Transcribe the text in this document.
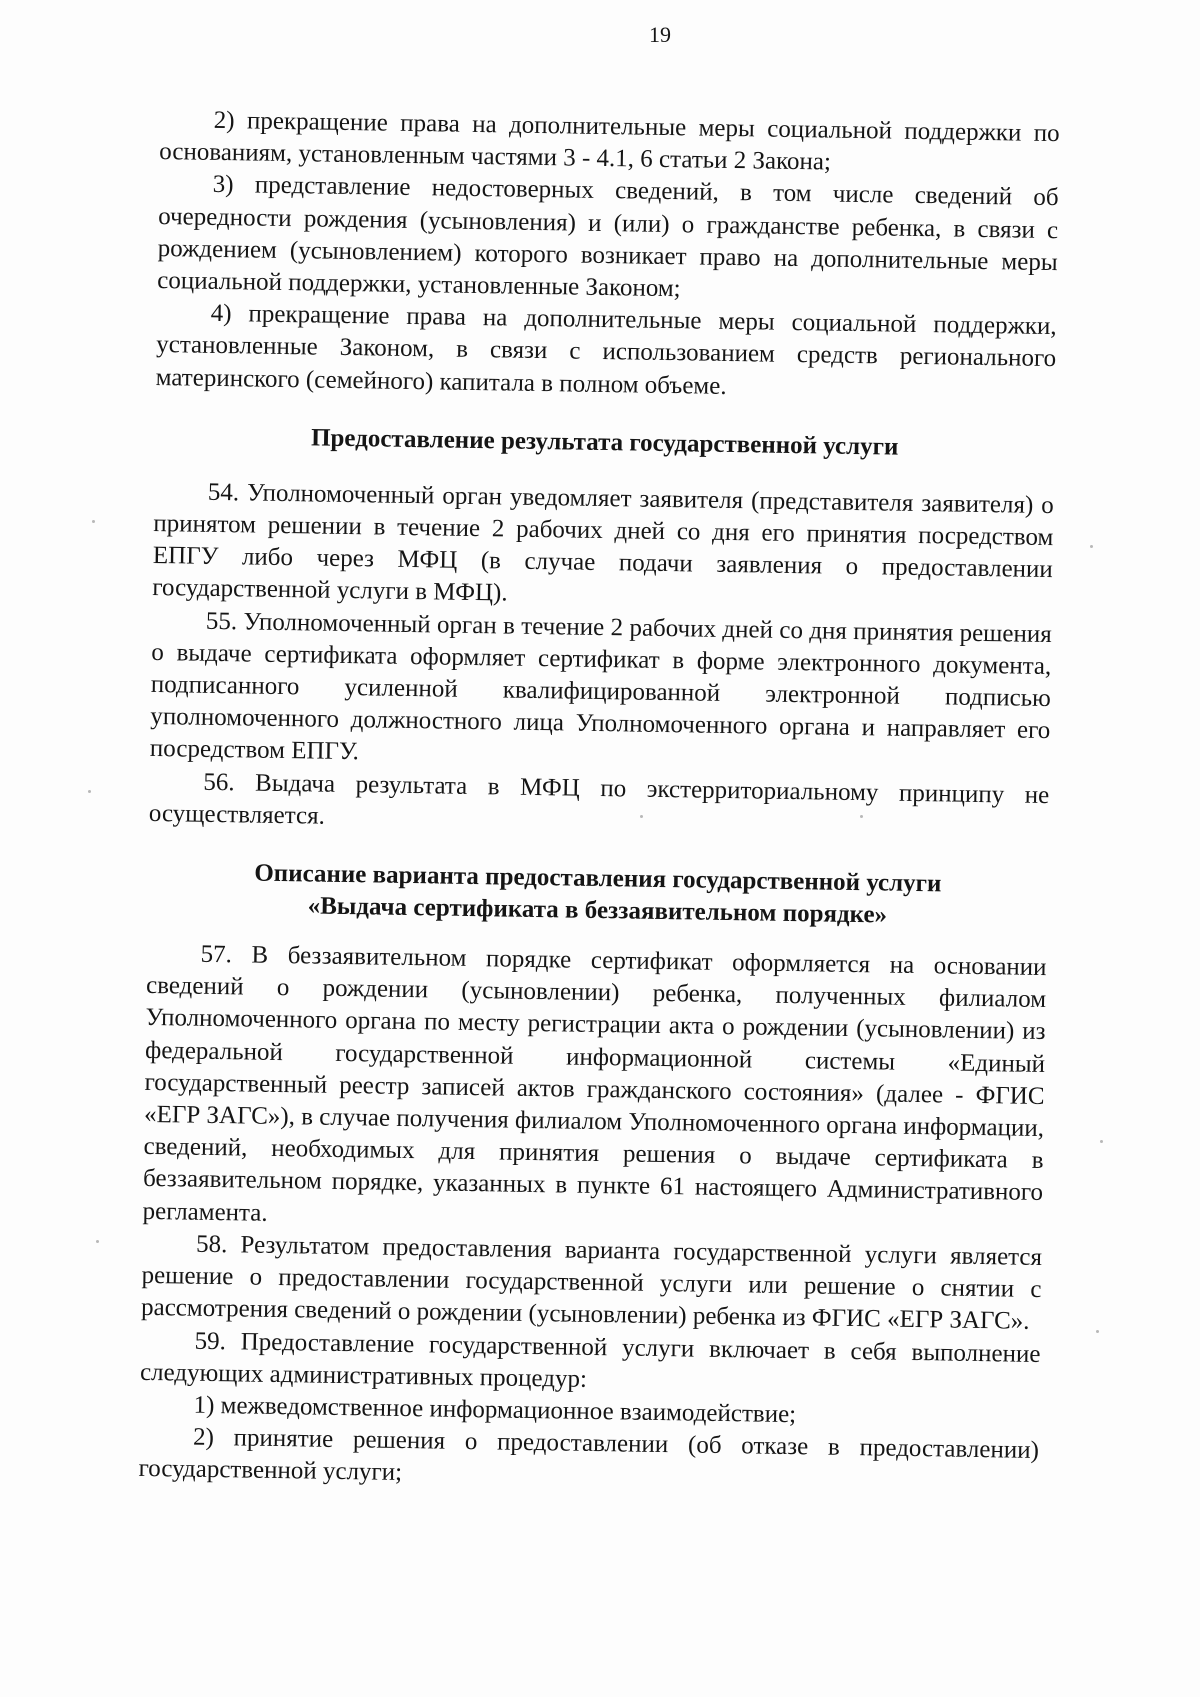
19

2) прекращение права на дополнительные меры социальной поддержки по основаниям, установленным частями 3 - 4.1, 6 статьи 2 Закона;

3) представление недостоверных сведений, в том числе сведений об очередности рождения (усыновления) и (или) о гражданстве ребенка, в связи с рождением (усыновлением) которого возникает право на дополнительные меры социальной поддержки, установленные Законом;

4) прекращение права на дополнительные меры социальной поддержки, установленные Законом, в связи с использованием средств регионального материнского (семейного) капитала в полном объеме.

Предоставление результата государственной услуги

54. Уполномоченный орган уведомляет заявителя (представителя заявителя) о принятом решении в течение 2 рабочих дней со дня его принятия посредством ЕПГУ либо через МФЦ (в случае подачи заявления о предоставлении государственной услуги в МФЦ).

55. Уполномоченный орган в течение 2 рабочих дней со дня принятия решения о выдаче сертификата оформляет сертификат в форме электронного документа, подписанного усиленной квалифицированной электронной подписью уполномоченного должностного лица Уполномоченного органа и направляет его посредством ЕПГУ.

56. Выдача результата в МФЦ по экстерриториальному принципу не осуществляется.

Описание варианта предоставления государственной услуги
«Выдача сертификата в беззаявительном порядке»

57. В беззаявительном порядке сертификат оформляется на основании сведений о рождении (усыновлении) ребенка, полученных филиалом Уполномоченного органа по месту регистрации акта о рождении (усыновлении) из федеральной государственной информационной системы «Единый государственный реестр записей актов гражданского состояния» (далее - ФГИС «ЕГР ЗАГС»), в случае получения филиалом Уполномоченного органа информации, сведений, необходимых для принятия решения о выдаче сертификата в беззаявительном порядке, указанных в пункте 61 настоящего Административного регламента.

58. Результатом предоставления варианта государственной услуги является решение о предоставлении государственной услуги или решение о снятии с рассмотрения сведений о рождении (усыновлении) ребенка из ФГИС «ЕГР ЗАГС».

59. Предоставление государственной услуги включает в себя выполнение следующих административных процедур:

1) межведомственное информационное взаимодействие;

2) принятие решения о предоставлении (об отказе в предоставлении) государственной услуги;
